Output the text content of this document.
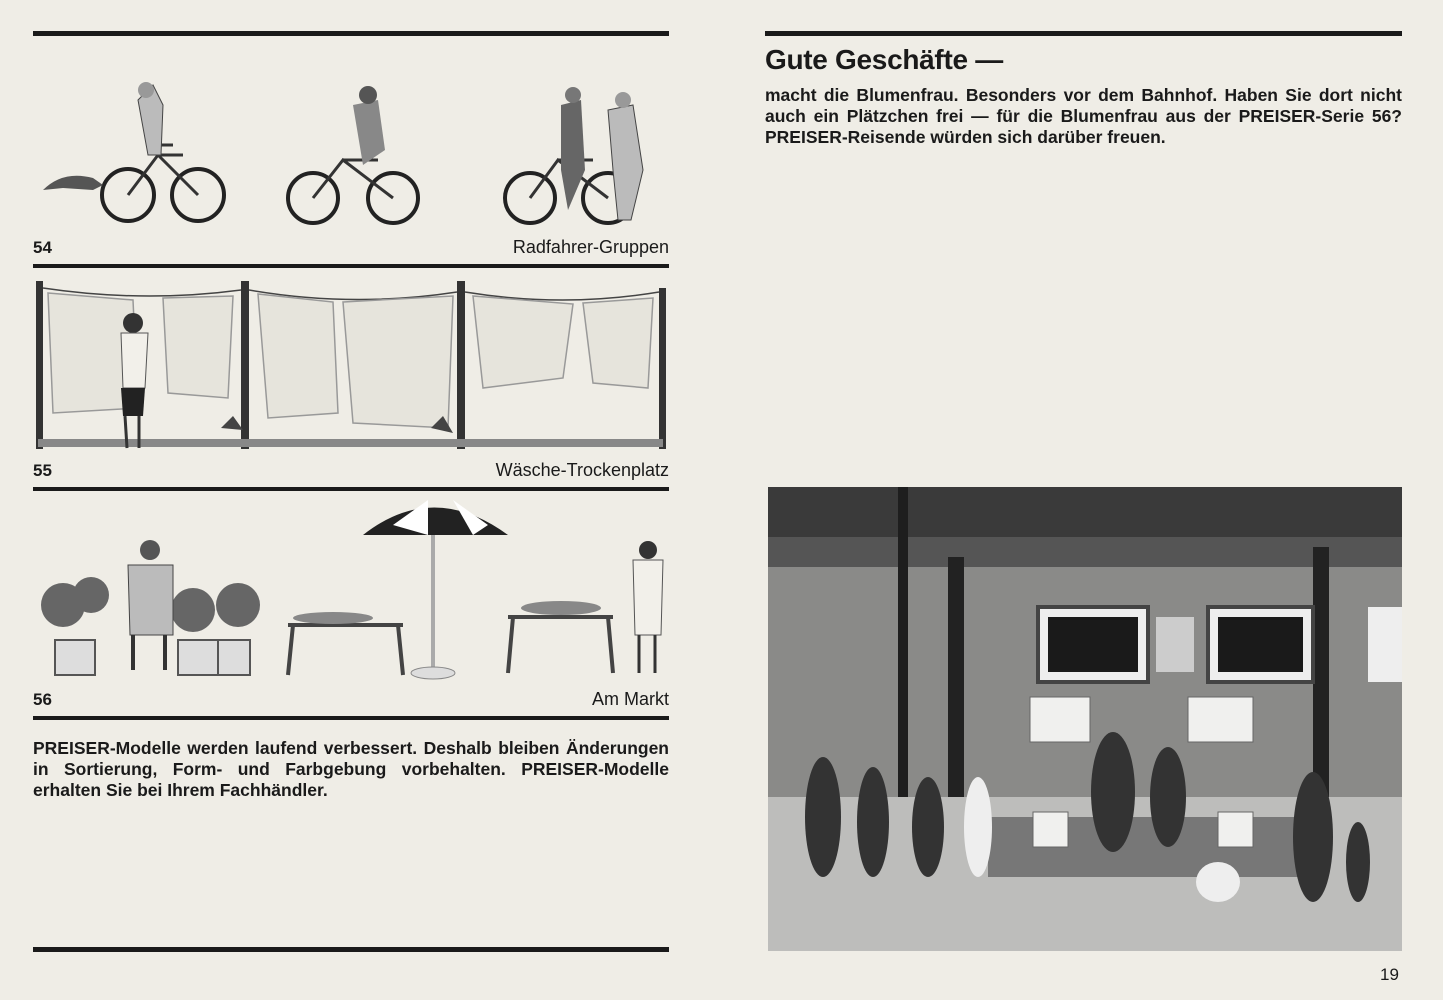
54	Radfahrer-Gruppen
55	Wäsche-Trockenplatz
56	Am Markt
PREISER-Modelle werden laufend verbessert. Deshalb bleiben Änderungen in Sortierung, Form- und Farbgebung vorbehalten. PREISER-Modelle erhalten Sie bei Ihrem Fachhändler.
Gute Geschäfte —
macht die Blumenfrau. Besonders vor dem Bahnhof. Haben Sie dort nicht auch ein Plätzchen frei — für die Blumenfrau aus der PREISER-Serie 56? PREISER-Reisende würden sich darüber freuen.
19
